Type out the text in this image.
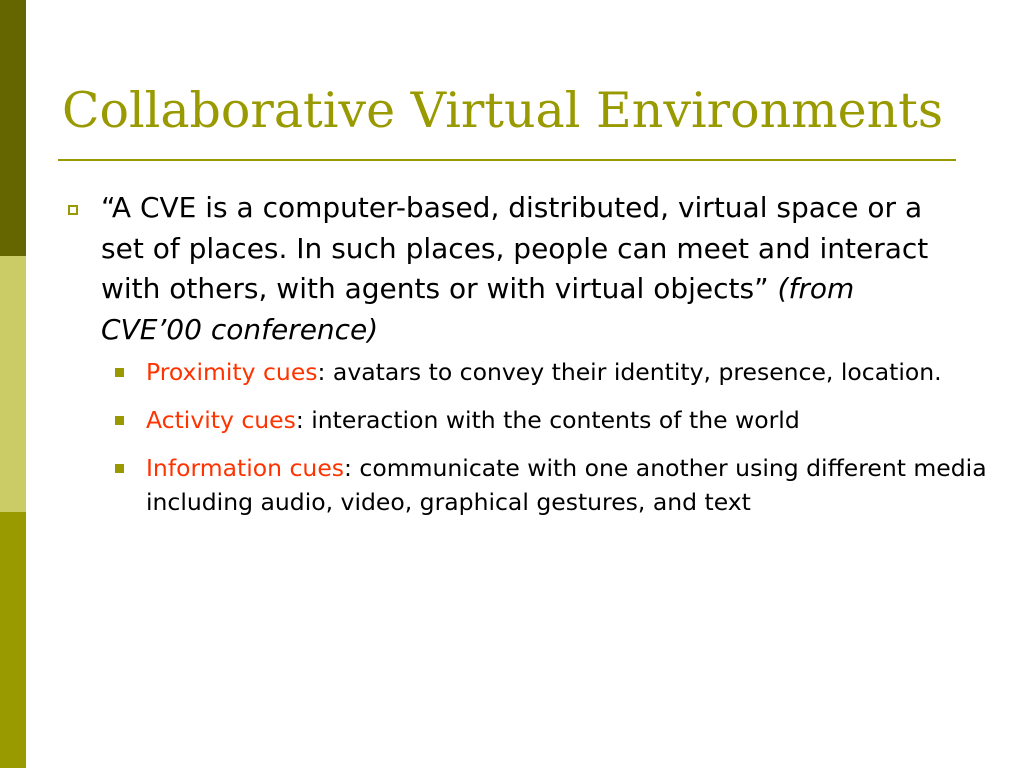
Collaborative Virtual Environments
“A CVE is a computer-based, distributed, virtual space or a set of places. In such places, people can meet and interact with others, with agents or with virtual objects” (from CVE’00 conference)
Proximity cues: avatars to convey their identity, presence, location.
Activity cues: interaction with the contents of the world
Information cues: communicate with one another using different media including audio, video, graphical gestures, and text
